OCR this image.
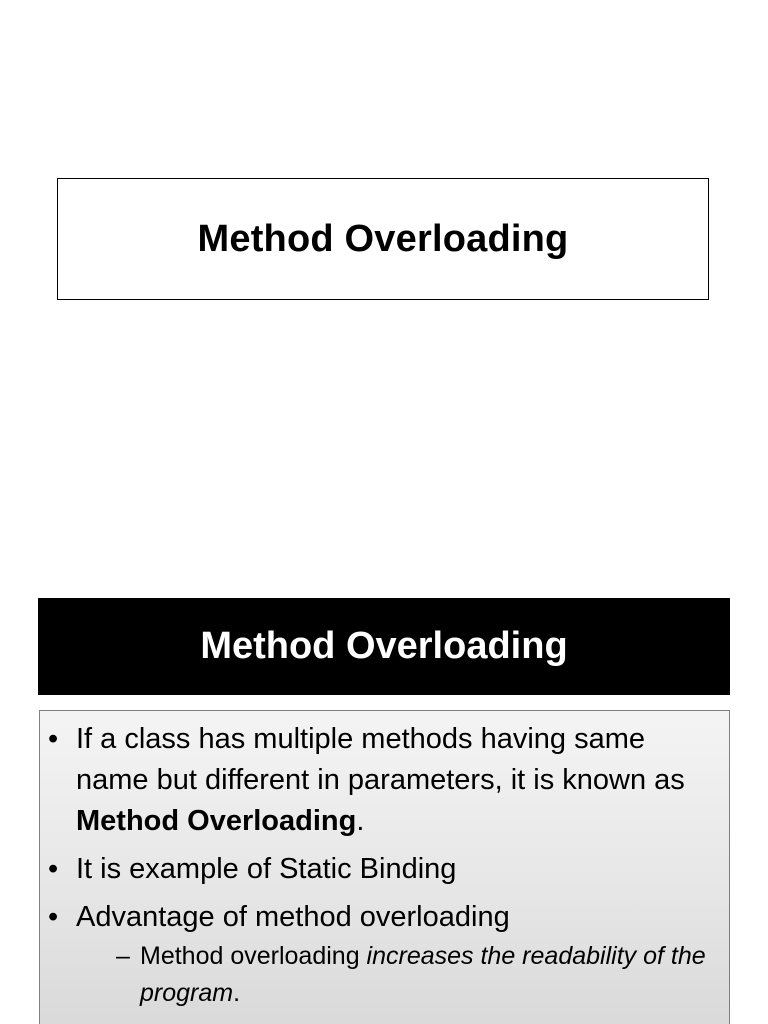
Method Overloading
Method Overloading
• If a class has multiple methods having same name but different in parameters, it is known as Method Overloading.
• It is example of Static Binding
• Advantage of method overloading
– Method overloading increases the readability of the program.
